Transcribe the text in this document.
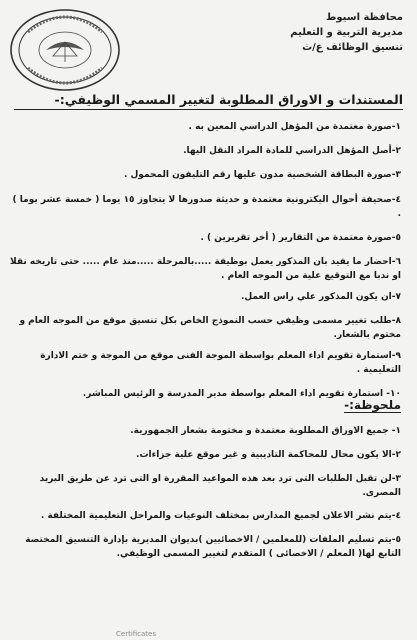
محافظة اسيوط
مديرية التربية و التعليم
تنسيق الوظائف ع/ث
المستندات و الاوراق المطلوبة لتغيير المسمي الوظيفي:-
١-صورة معتمدة من المؤهل الدراسي المعين به .
٢-أصل المؤهل الدراسي للمادة المراد النقل اليها.
٣-صورة البطاقة الشخصية مدون عليها رقم التليفون المحمول .
٤-صحيفة أحوال اليكترونية معتمدة و حديثة صدورها لا يتجاوز ١٥ يوما ( خمسة عشر يوما ) .
٥-صورة معتمدة من التقارير ( أخر تقريرين ) .
٦-احضار ما يفيد بان المذكور يعمل بوظيفة .....بالمرحلة .....منذ عام ..... حتى تاريخه نقلا او ندبا مع التوقيع علية من الموجه العام .
٧-ان يكون المذكور علي راس العمل.
٨-طلب تغيير مسمى وظيفي حسب النموذج الخاص بكل تنسيق موقع من الموجه العام و مختوم بالشعار.
٩-استمارة تقويم اداء المعلم بواسطة الموجة الفنى موقع من الموجة و ختم الادارة التعليمية .
١٠- استمارة تقويم اداء المعلم بواسطة مدير المدرسة و الرئيس المباشر.
ملحوظة:-
١- جميع الاوراق المطلوبة معتمدة و مختومة بشعار الجمهورية.
٢-الا يكون محال للمحاكمة التاديبية و غير موقع علية جزاءات.
٣-لن تقبل الطلبات التى ترد بعد هذه المواعيد المقررة او التى ترد عن طريق البريد المصرى.
٤-يتم نشر الاعلان لجميع المدارس بمختلف النوعيات والمراحل التعليمية المختلفة .
٥-يتم تسليم الملفات (للمعلمين / الاخصائيين )بديوان المديرية بإدارة التنسيق المختصة التابع لها( المعلم / الاخصائى ) المتقدم لتغيير المسمى الوظيفي.
Certificates
